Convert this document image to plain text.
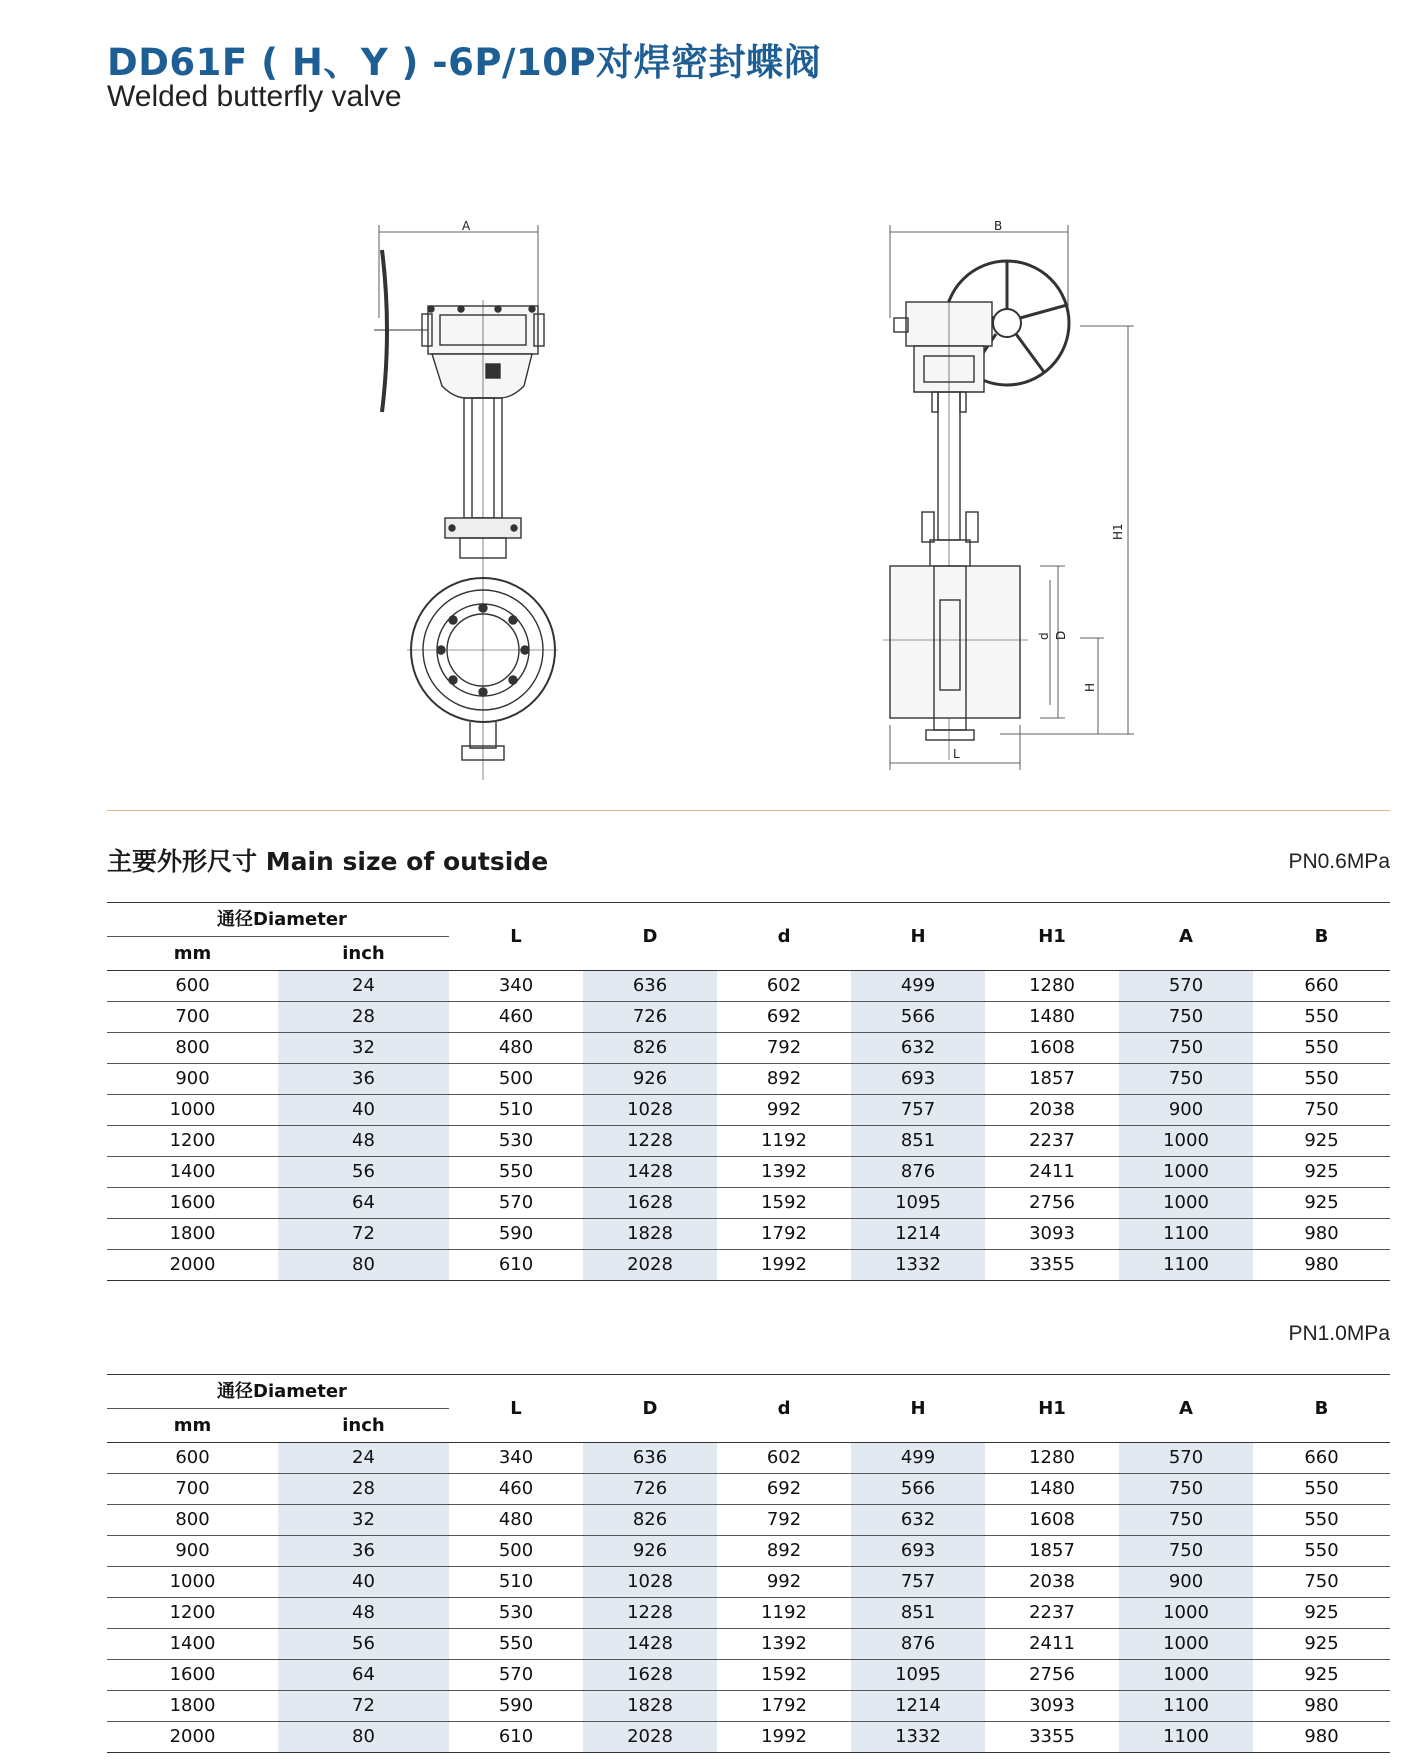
DD61F ( H、Y ) -6P/10P对焊密封蝶阀
Welded butterfly valve
A	B
H1
d D
H
L
主要外形尺寸 Main size of outside	PN0.6MPa
通径Diameter		L	D	d	H	H1	A	B
mm	inch							
600	24	340	636	602	499	1280	570	660
700	28	460	726	692	566	1480	750	550
800	32	480	826	792	632	1608	750	550
900	36	500	926	892	693	1857	750	550
1000	40	510	1028	992	757	2038	900	750
1200	48	530	1228	1192	851	2237	1000	925
1400	56	550	1428	1392	876	2411	1000	925
1600	64	570	1628	1592	1095	2756	1000	925
1800	72	590	1828	1792	1214	3093	1100	980
2000	80	610	2028	1992	1332	3355	1100	980
PN1.0MPa
通径Diameter		L	D	d	H	H1	A	B
mm	inch							
600	24	340	636	602	499	1280	570	660
700	28	460	726	692	566	1480	750	550
800	32	480	826	792	632	1608	750	550
900	36	500	926	892	693	1857	750	550
1000	40	510	1028	992	757	2038	900	750
1200	48	530	1228	1192	851	2237	1000	925
1400	56	550	1428	1392	876	2411	1000	925
1600	64	570	1628	1592	1095	2756	1000	925
1800	72	590	1828	1792	1214	3093	1100	980
2000	80	610	2028	1992	1332	3355	1100	980
